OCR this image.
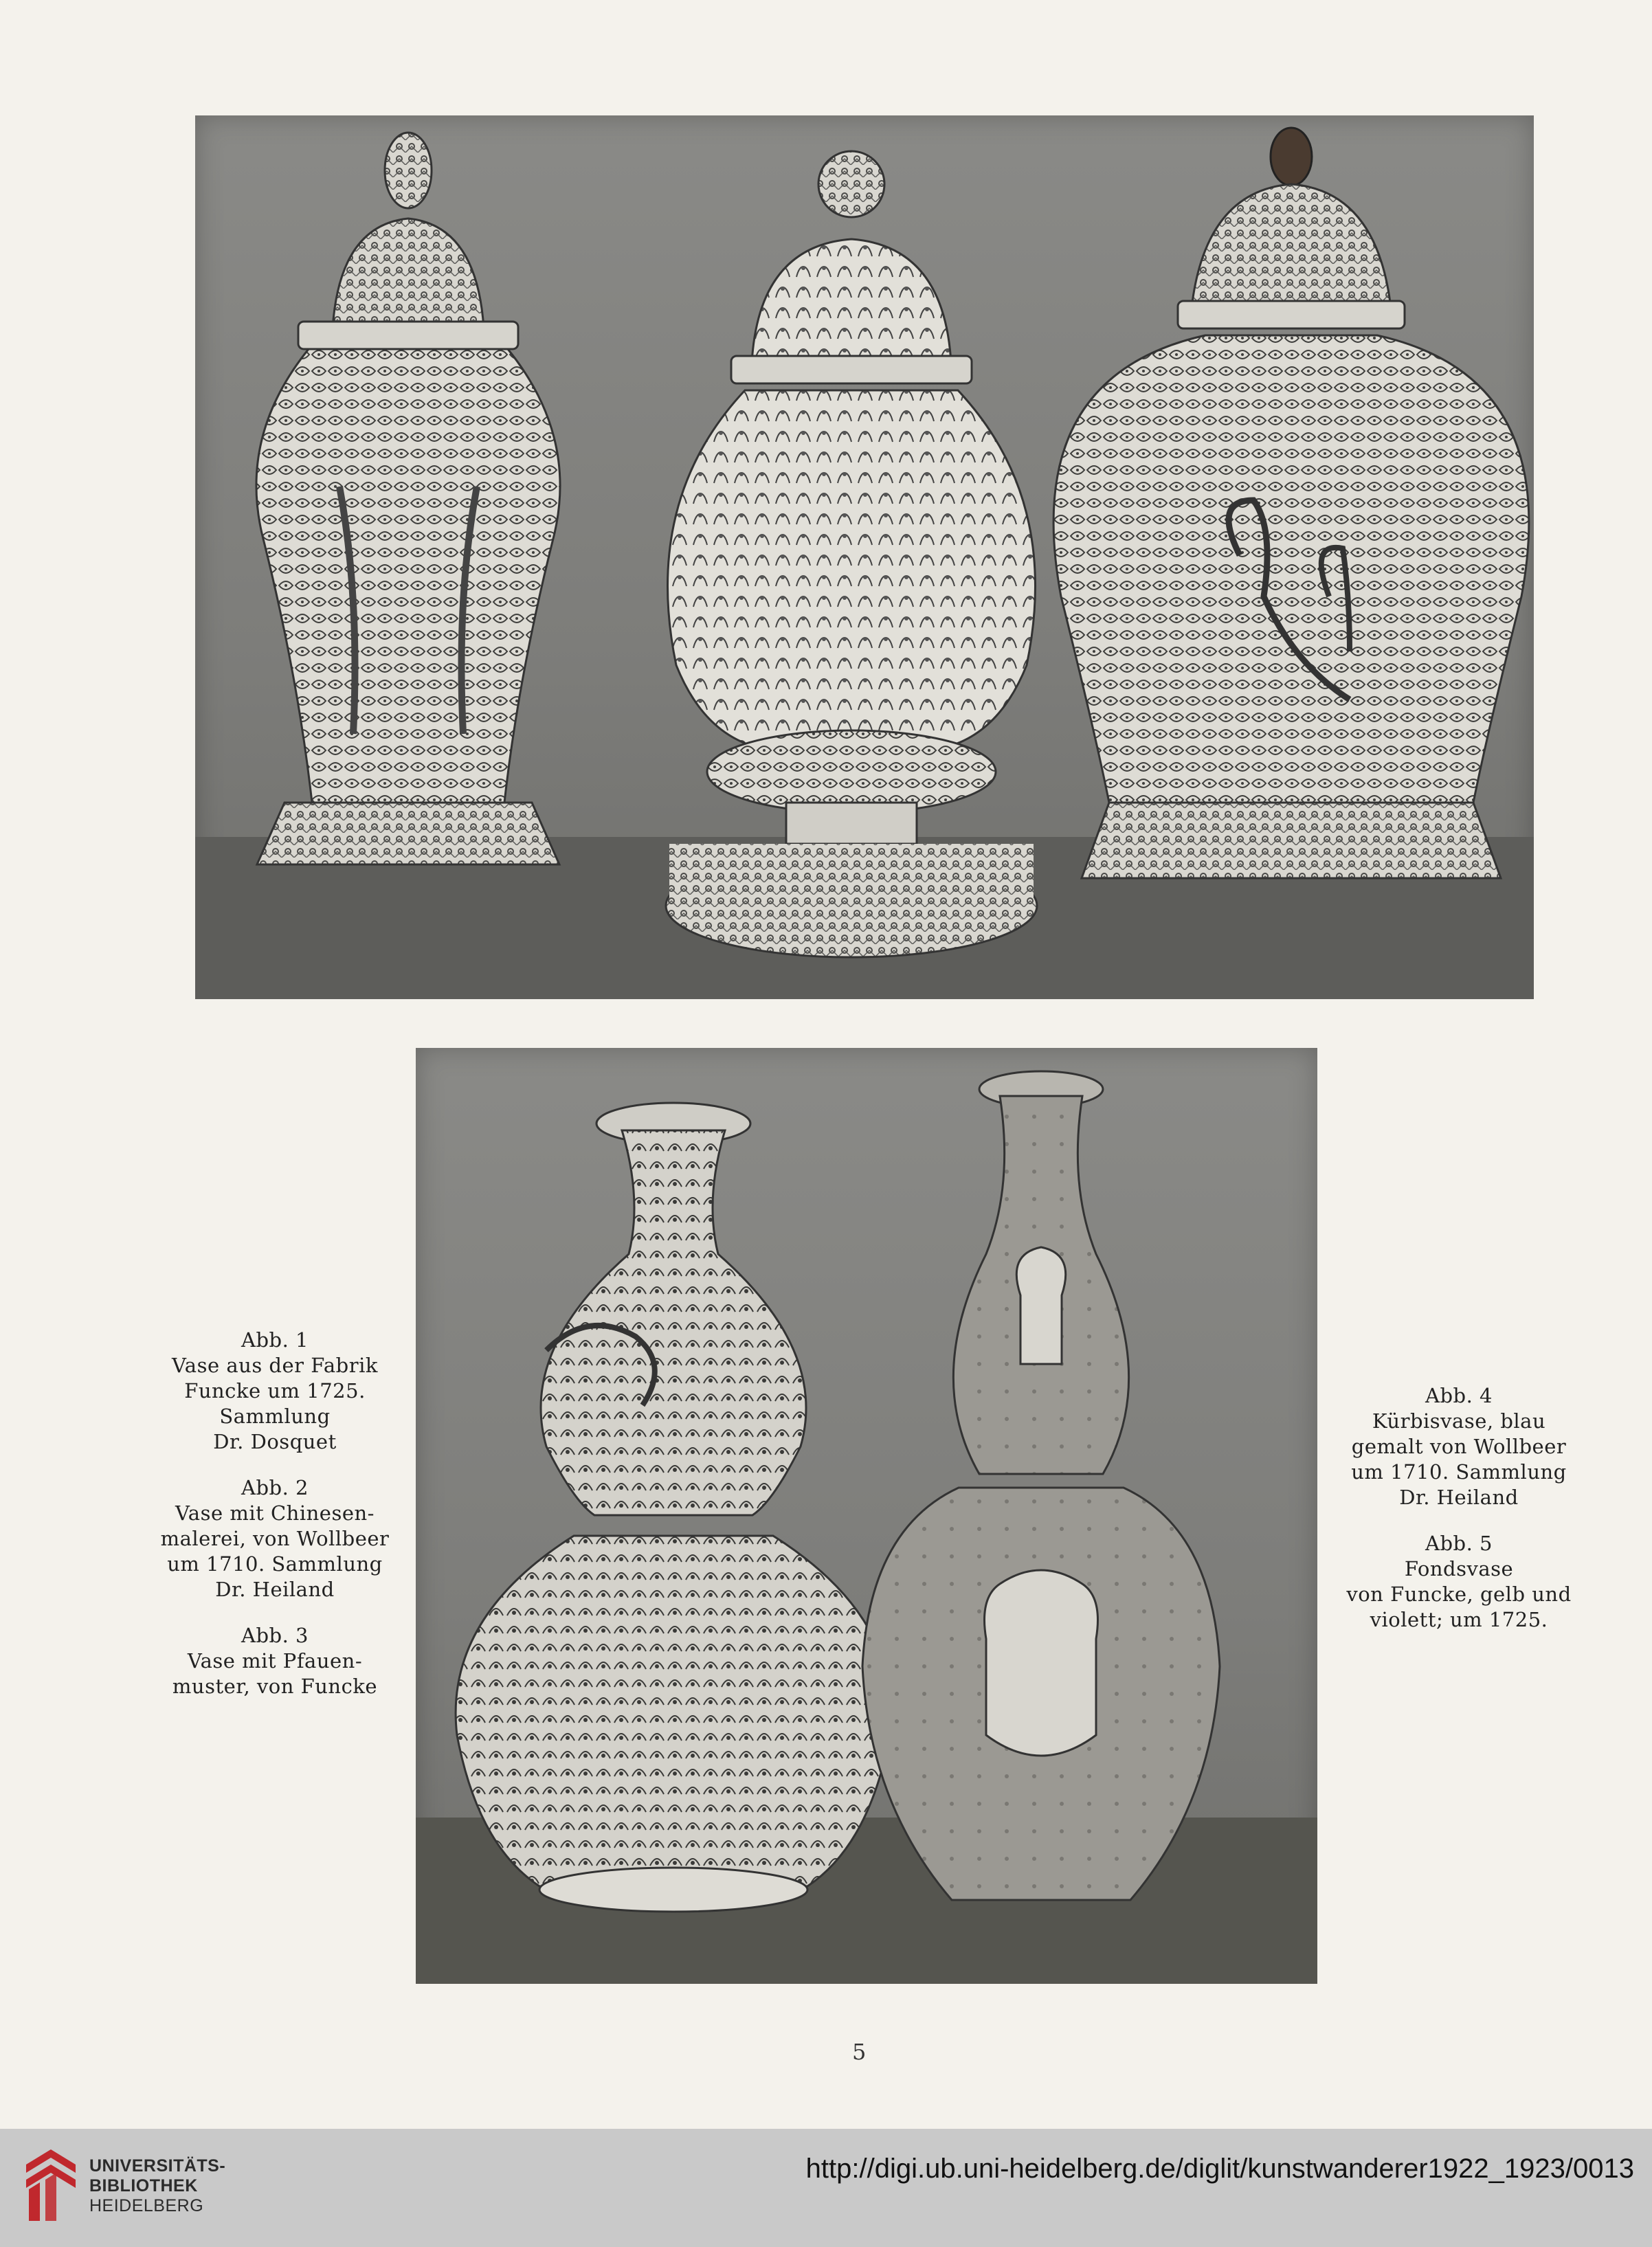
Abb. 1
Vase aus der Fabrik
Funcke um 1725.
Sammlung
Dr. Dosquet
Abb. 2
Vase mit Chinesen-
malerei, von Wollbeer
um 1710. Sammlung
Dr. Heiland
Abb. 3
Vase mit Pfauen-
muster, von Funcke
Abb. 4
Kürbisvase, blau
gemalt von Wollbeer
um 1710. Sammlung
Dr. Heiland
Abb. 5
Fondsvase
von Funcke, gelb und
violett; um 1725.
5
UNIVERSITÄTS-
BIBLIOTHEK
HEIDELBERG
http://digi.ub.uni-heidelberg.de/diglit/kunstwanderer1922_1923/0013
